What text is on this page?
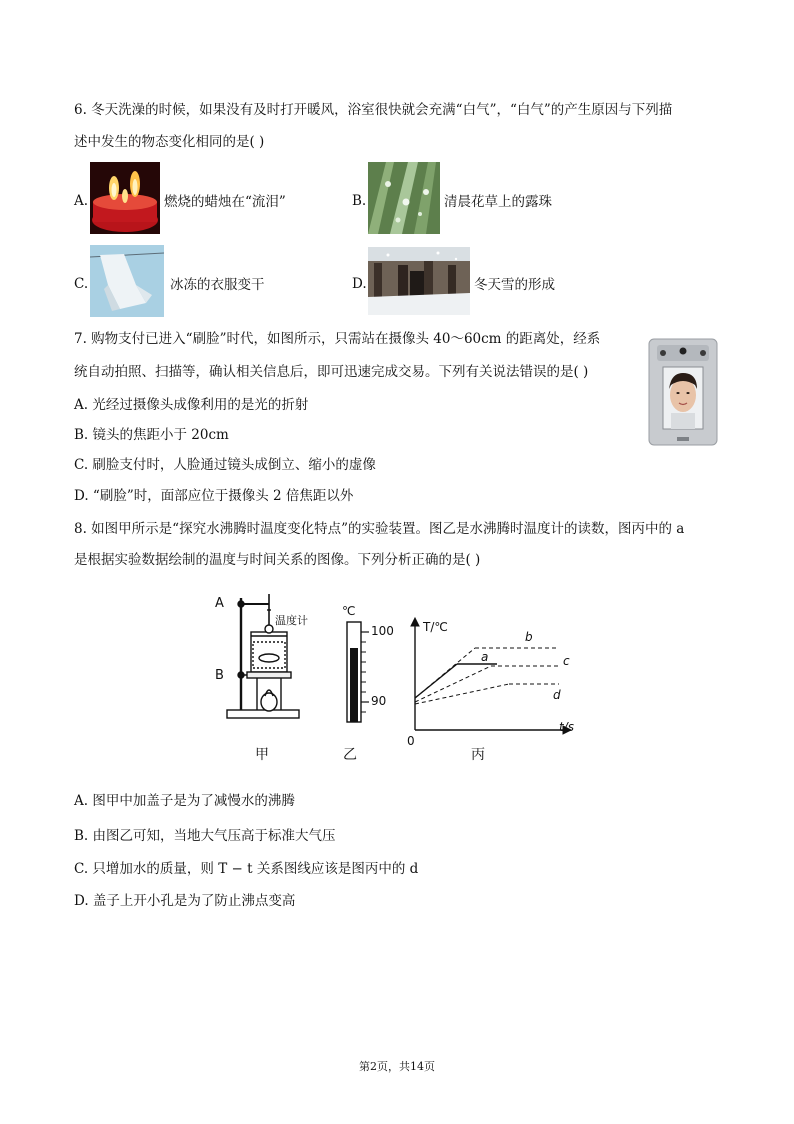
6. 冬天洗澡的时候，如果没有及时打开暖风，浴室很快就会充满“白气”，“白气”的产生原因与下列描
述中发生的物态变化相同的是( )
A.	燃烧的蜡烛在“流泪”	B.	清晨花草上的露珠
C.	冰冻的衣服变干	D.	冬天雪的形成
7. 购物支付已进入“刷脸”时代，如图所示，只需站在摄像头 40～60cm 的距离处，经系
统自动拍照、扫描等，确认相关信息后，即可迅速完成交易。下列有关说法错误的是( )
A. 光经过摄像头成像利用的是光的折射
B. 镜头的焦距小于 20cm
C. 刷脸支付时，人脸通过镜头成倒立、缩小的虚像
D. “刷脸”时，面部应位于摄像头 2 倍焦距以外
8. 如图甲所示是“探究水沸腾时温度变化特点”的实验装置。图乙是水沸腾时温度计的读数，图丙中的 a
是根据实验数据绘制的温度与时间关系的图像。下列分析正确的是( )
A
B
温度计
甲
℃
100
90
乙
T/℃
t/s
0
a
b
c
d
丙
A. 图甲中加盖子是为了减慢水的沸腾
B. 由图乙可知，当地大气压高于标准大气压
C. 只增加水的质量，则 T − t 关系图线应该是图丙中的 d
D. 盖子上开小孔是为了防止沸点变高
第2页，共14页
